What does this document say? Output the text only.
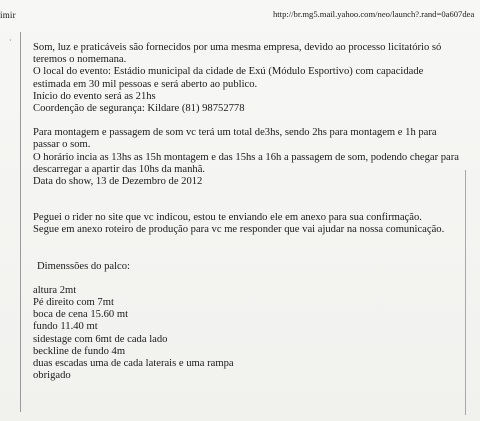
imir	http://br.mg5.mail.yahoo.com/neo/launch?.rand=0a607dea
·
Som, luz e praticáveis são fornecidos por uma mesma empresa, devido ao processo licitatório só
teremos o nomemana.
O local do evento: Estádio municipal da cidade de Exú (Módulo Esportivo) com capacidade
estimada em 30 mil pessoas e será aberto ao publico.
Início do evento será as 21hs
Coordenção de segurança: Kildare (81) 98752778
Para montagem e passagem de som vc terá um total de3hs, sendo 2hs para montagem e 1h para
passar o som.
O horário incia as 13hs as 15h montagem e das 15hs a 16h a passagem de som, podendo chegar para
descarregar a apartir das 10hs da manhã.
Data do show, 13 de Dezembro de 2012
Peguei o rider no site que vc indicou, estou te enviando ele em anexo para sua confirmação.
Segue em anexo roteiro de produção para vc me responder que vai ajudar na nossa comunicação.
Dimenssões do palco:
altura 2mt
Pé direito com 7mt
boca de cena 15.60 mt
fundo 11.40 mt
sidestage com 6mt de cada lado
beckline de fundo 4m
duas escadas uma de cada laterais e uma rampa
obrigado
